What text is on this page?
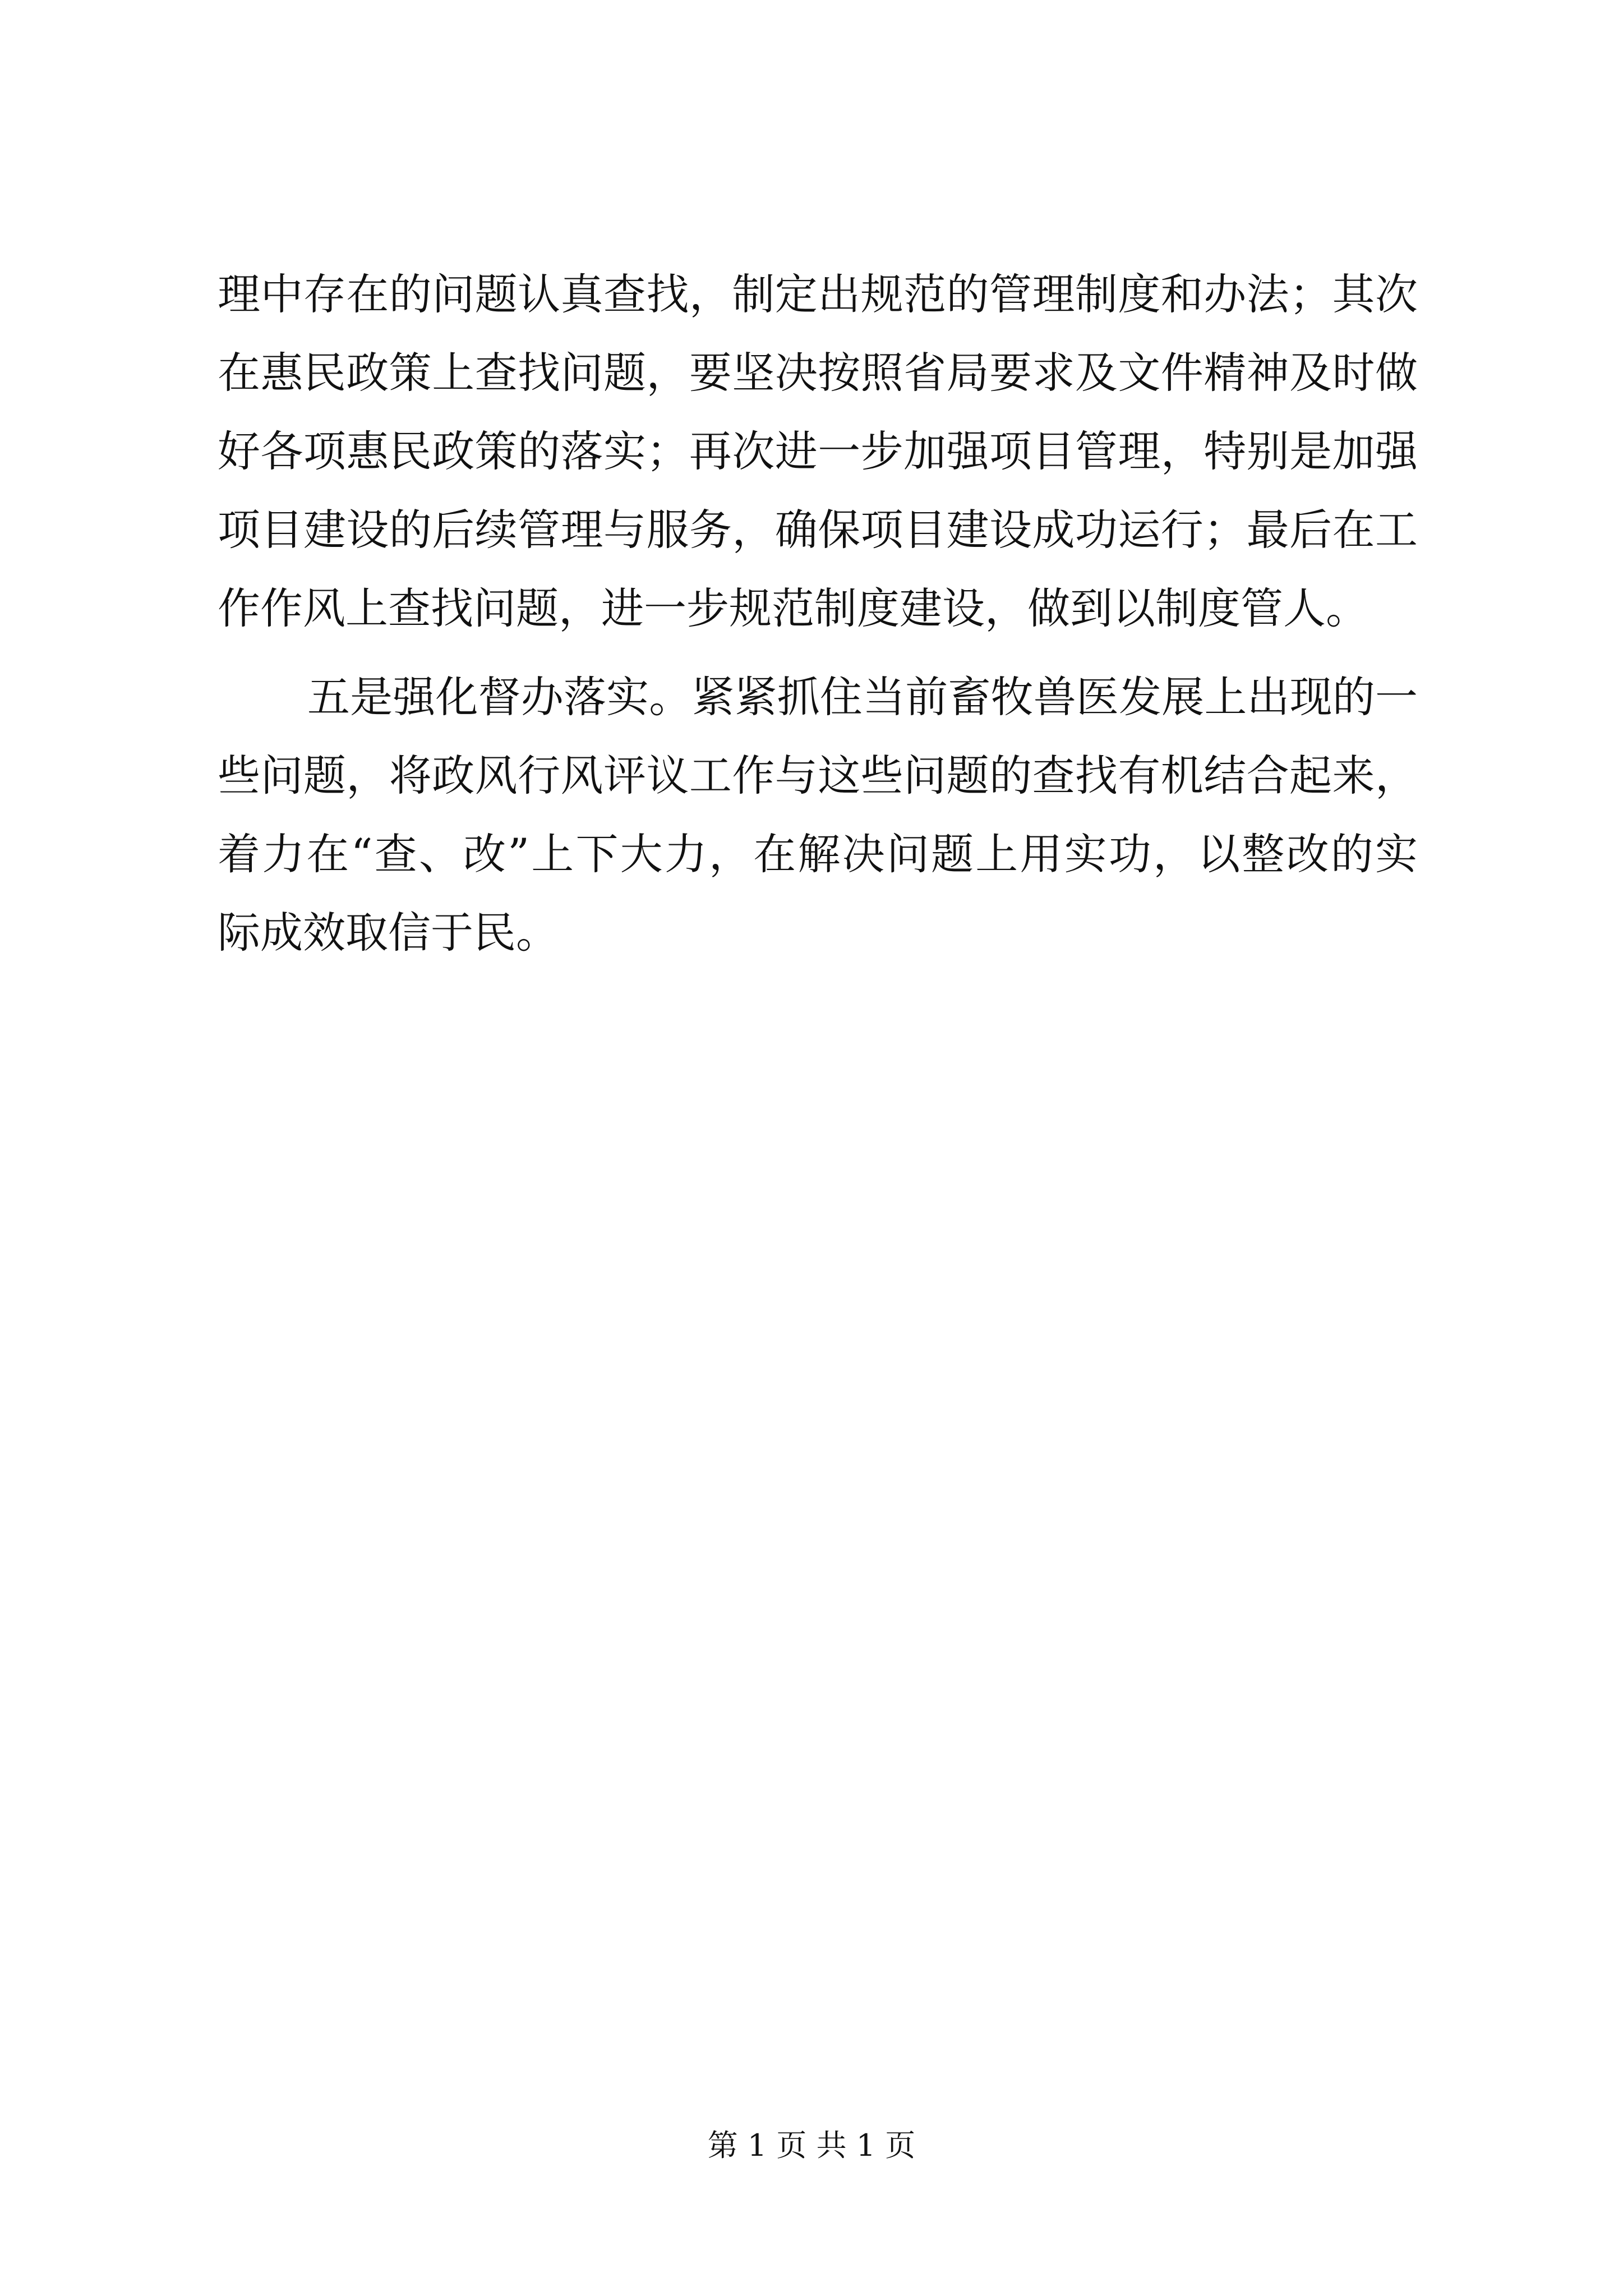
理中存在的问题认真查找，制定出规范的管理制度和办法；其次
在惠民政策上查找问题，要坚决按照省局要求及文件精神及时做
好各项惠民政策的落实；再次进一步加强项目管理，特别是加强
项目建设的后续管理与服务，确保项目建设成功运行；最后在工
作作风上查找问题，进一步规范制度建设，做到以制度管人。
五是强化督办落实。紧紧抓住当前畜牧兽医发展上出现的一
些问题，将政风行风评议工作与这些问题的查找有机结合起来，
着力在“查、改”上下大力，在解决问题上用实功，以整改的实
际成效取信于民。
第 1 页 共 1 页
